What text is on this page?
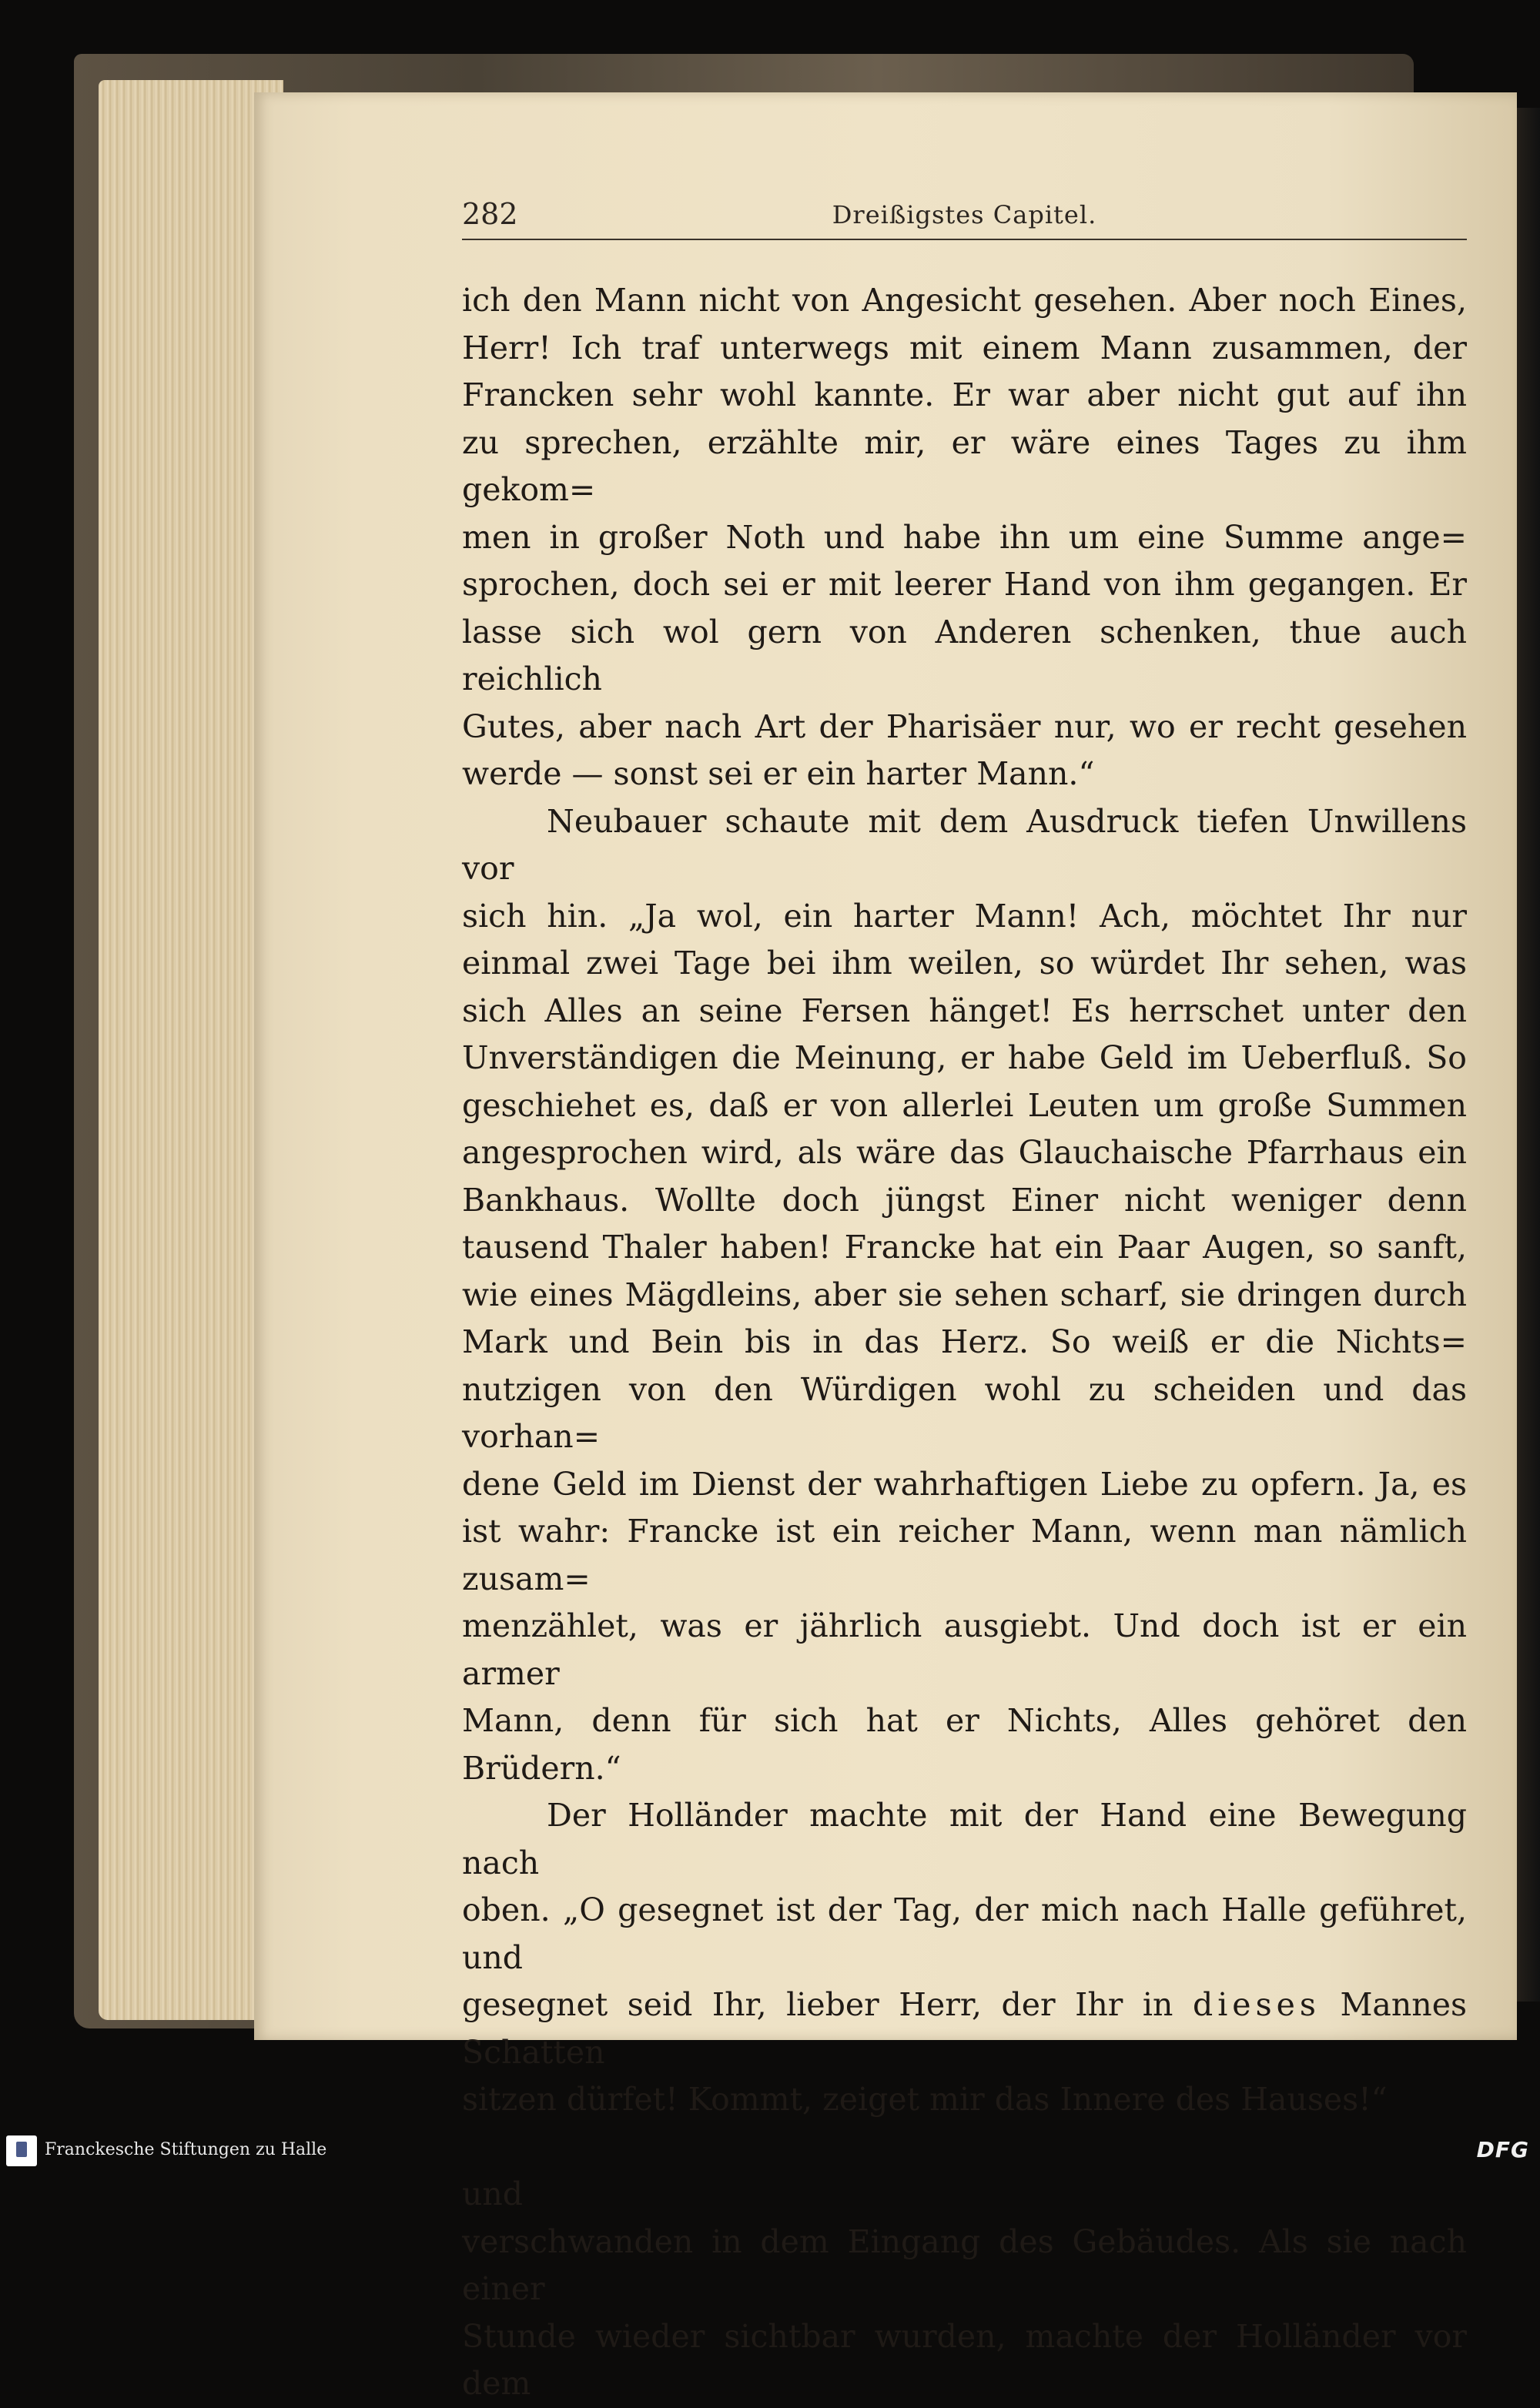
282	Dreißigstes Capitel.

ich den Mann nicht von Angesicht gesehen. Aber noch Eines,

Herr! Ich traf unterwegs mit einem Mann zusammen, der

Francken sehr wohl kannte. Er war aber nicht gut auf ihn

zu sprechen, erzählte mir, er wäre eines Tages zu ihm gekom=

men in großer Noth und habe ihn um eine Summe ange=

sprochen, doch sei er mit leerer Hand von ihm gegangen. Er

lasse sich wol gern von Anderen schenken, thue auch reichlich

Gutes, aber nach Art der Pharisäer nur, wo er recht gesehen

werde — sonst sei er ein harter Mann.“

Neubauer schaute mit dem Ausdruck tiefen Unwillens vor

sich hin. „Ja wol, ein harter Mann! Ach, möchtet Ihr nur

einmal zwei Tage bei ihm weilen, so würdet Ihr sehen, was

sich Alles an seine Fersen hänget! Es herrschet unter den

Unverständigen die Meinung, er habe Geld im Ueberfluß. So

geschiehet es, daß er von allerlei Leuten um große Summen

angesprochen wird, als wäre das Glauchaische Pfarrhaus ein

Bankhaus. Wollte doch jüngst Einer nicht weniger denn

tausend Thaler haben! Francke hat ein Paar Augen, so sanft,

wie eines Mägdleins, aber sie sehen scharf, sie dringen durch

Mark und Bein bis in das Herz. So weiß er die Nichts=

nutzigen von den Würdigen wohl zu scheiden und das vorhan=

dene Geld im Dienst der wahrhaftigen Liebe zu opfern. Ja, es

ist wahr: Francke ist ein reicher Mann, wenn man nämlich zusam=

menzählet, was er jährlich ausgiebt. Und doch ist er ein armer

Mann, denn für sich hat er Nichts, Alles gehöret den Brüdern.“

Der Holländer machte mit der Hand eine Bewegung nach

oben. „O gesegnet ist der Tag, der mich nach Halle geführet, und

gesegnet seid Ihr, lieber Herr, der Ihr in dieses Mannes Schatten

sitzen dürfet! Kommt, zeiget mir das Innere des Hauses!“

und

verschwanden in dem Eingang des Gebäudes. Als sie nach einer

Stunde wieder sichtbar wurden, machte der Holländer vor dem

Franckesche Stiftungen zu Halle	DFG
